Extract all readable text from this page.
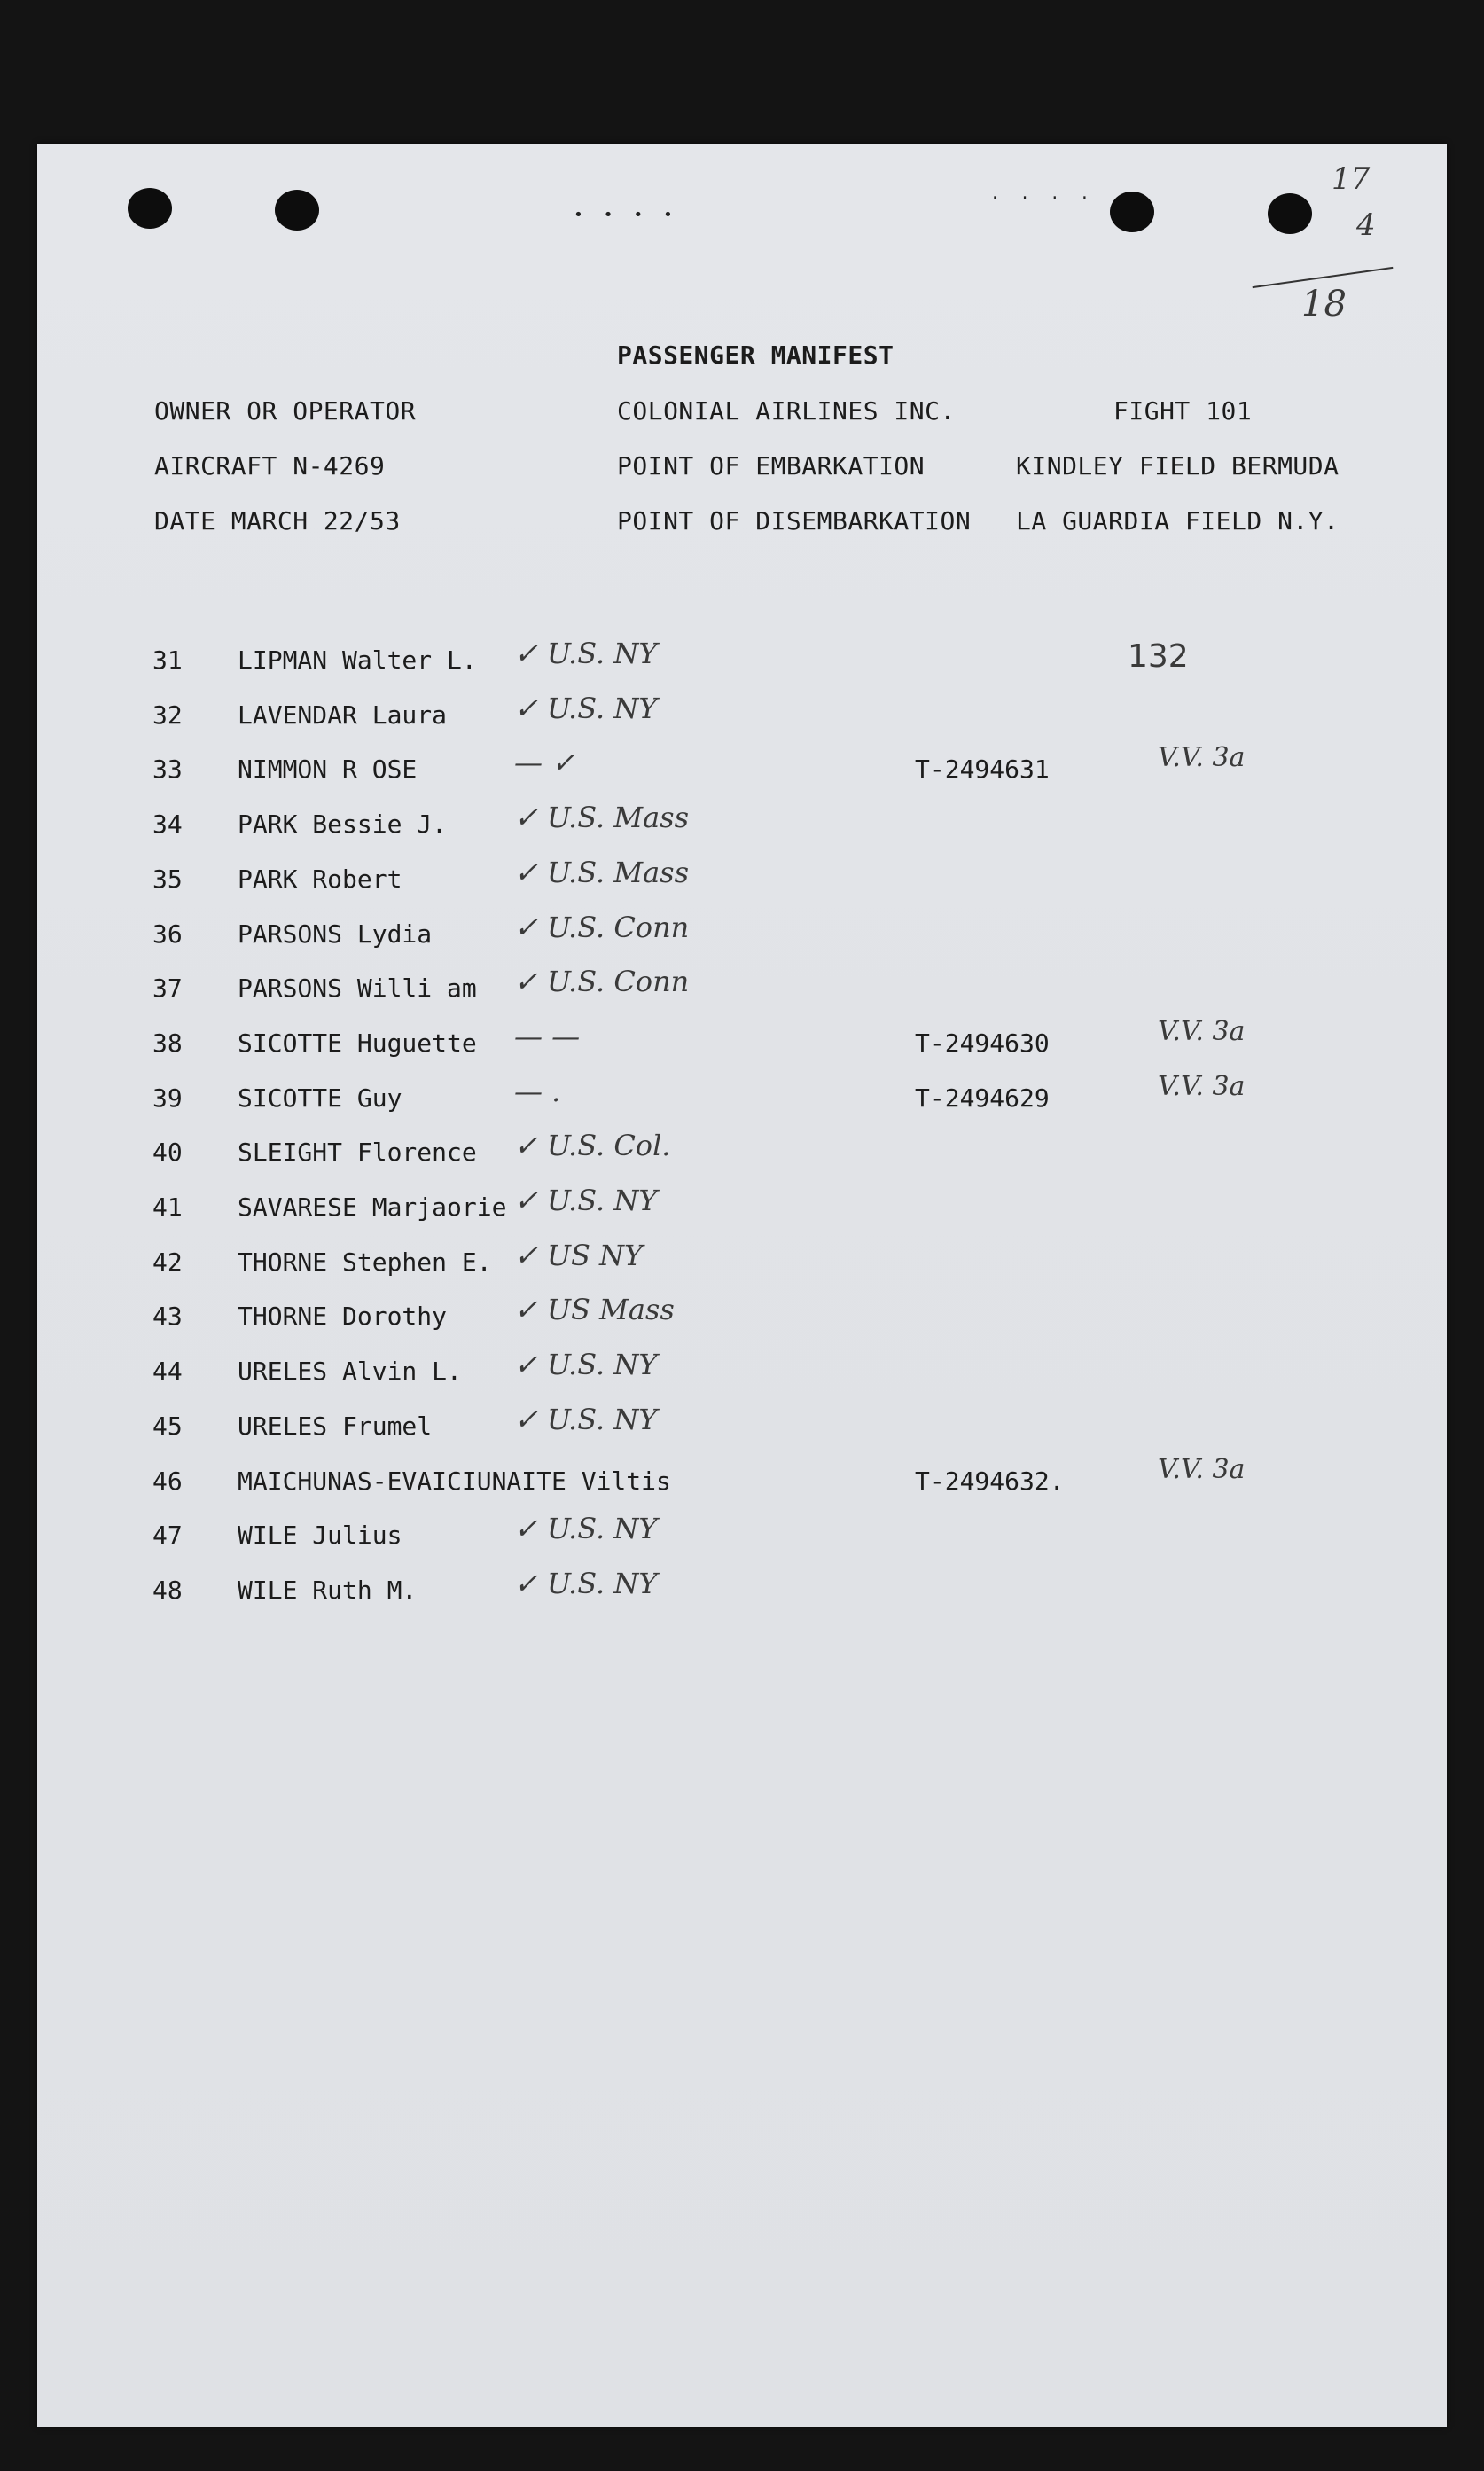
• • • •
. . . .	17
4
18
PASSENGER MANIFEST
OWNER OR OPERATOR	COLONIAL AIRLINES INC.	FIGHT 101
AIRCRAFT N-4269	POINT OF EMBARKATION	KINDLEY FIELD BERMUDA
DATE MARCH 22/53	POINT OF DISEMBARKATION LA GUARDIA FIELD N.Y.
132
31 LIPMAN Walter L. ✓ U.S. NY
32 LAVENDAR Laura ✓ U.S. NY
33 NIMMON R OSE	— ✓	T-2494631	V.V. 3a
34 PARK Bessie J. ✓ U.S. Mass
35 PARK Robert	✓ U.S. Mass
36 PARSONS Lydia	✓ U.S. Conn
37 PARSONS Willi am ✓ U.S. Conn
38 SICOTTE Huguette — —	T-2494630	V.V. 3a
39 SICOTTE Guy	— .	T-2494629	V.V. 3a
40 SLEIGHT Florence ✓ U.S. Col.
41 SAVARESE Marjaorie ✓ U.S. NY
42 THORNE Stephen E. ✓ US NY
43 THORNE Dorothy ✓ US Mass
44 URELES Alvin L. ✓ U.S. NY
45 URELES Frumel	✓ U.S. NY
46 MAICHUNAS-EVAICIUNAITE Viltis	T-2494632.	V.V. 3a
47 WILE Julius	✓ U.S. NY
48 WILE Ruth M.	✓ U.S. NY
